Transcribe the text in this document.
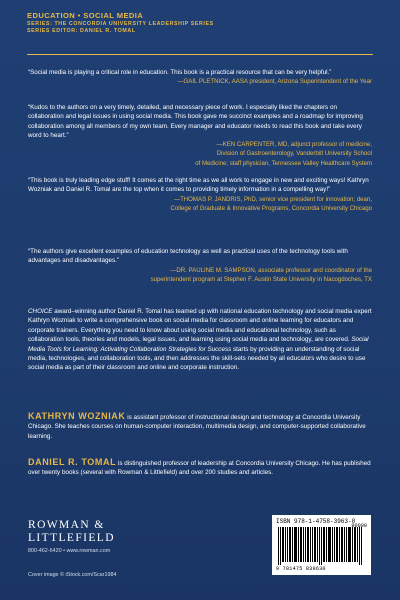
EDUCATION • SOCIAL MEDIA
SERIES: THE CONCORDIA UNIVERSITY LEADERSHIP SERIES
SERIES EDITOR: DANIEL R. TOMAL
“Social media is playing a critical role in education. This book is a practical resource that can be very helpful.”
—GAIL PLETNICK, AASA president, Arizona Superintendent of the Year
“Kudos to the authors on a very timely, detailed, and necessary piece of work. I especially liked the chapters on collaboration and legal issues in using social media. This book gave me succinct examples and a roadmap for improving collaboration among all members of my own team. Every manager and educator needs to read this book and take every word to heart.”
—KEN CARPENTER, MD, adjunct professor of medicine,
Division of Gastroenterology, Vanderbilt University School
of Medicine; staff physician, Tennessee Valley Healthcare System
“This book is truly leading edge stuff! It comes at the right time as we all work to engage in new and exciting ways! Kathryn Wozniak and Daniel R. Tomal are the top when it comes to providing timely information in a compelling way!”
—THOMAS P. JANDRIS, PhD, senior vice president for innovation; dean,
College of Graduate & Innovative Programs, Concordia University Chicago
“The authors give excellent examples of education technology as well as practical uses of the technology tools with advantages and disadvantages.”
—DR. PAULINE M. SAMPSON, associate professor and coordinator of the
superintendent program at Stephen F. Austin State University in Nacogdoches, TX

CHOICE award–winning author Daniel R. Tomal has teamed up with national education technology and social media expert Kathryn Wozniak to write a comprehensive book on social media for classroom and online learning for educators and corporate trainers. Everything you need to know about using social media and educational technology, such as collaboration tools, theories and models, legal issues, and learning using social media and technology, are covered. Social Media Tools for Learning: Activating Collaboration Strategies for Success starts by providing an understanding of social media, technologies, and collaboration tools, and then addresses the skill-sets needed by all educators who desire to use social media as part of their classroom and online and corporate instruction.

KATHRYN WOZNIAK is assistant professor of instructional design and technology at Concordia University Chicago. She teaches courses on human-computer interaction, multimedia design, and computer-supported collaborative learning.

DANIEL R. TOMAL is distinguished professor of leadership at Concordia University Chicago. He has published over twenty books (several with Rowman & Littlefield) and over 200 studies and articles.

ROWMAN &
LITTLEFIELD
800-462-6420 • www.rowman.com
Cover image © iStock.com/Scar1984
ISBN 978-1-4758-3963-0
90000
9 781475 839630
